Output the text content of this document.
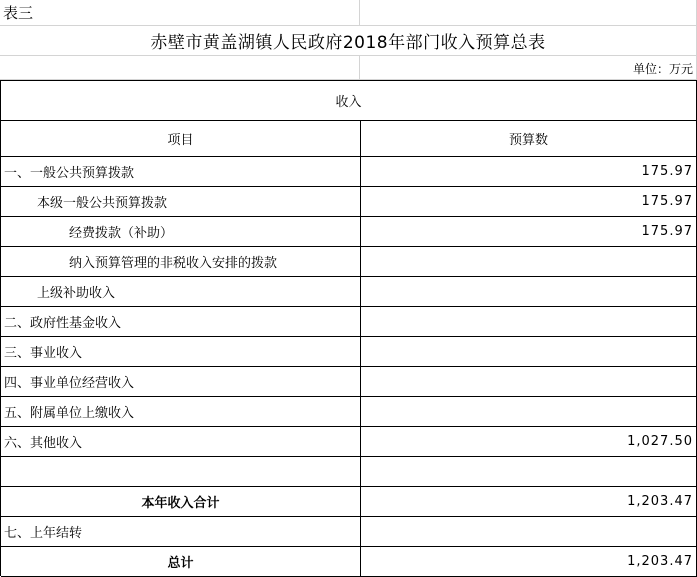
表三
赤壁市黄盖湖镇人民政府2018年部门收入预算总表
单位：万元
收入
项目	预算数
一、一般公共预算拨款	175.97
本级一般公共预算拨款	175.97
经费拨款（补助）	175.97
纳入预算管理的非税收入安排的拨款
上级补助收入
二、政府性基金收入
三、事业收入
四、事业单位经营收入
五、附属单位上缴收入
六、其他收入	1,027.50
本年收入合计	1,203.47
七、上年结转
总计	1,203.47
